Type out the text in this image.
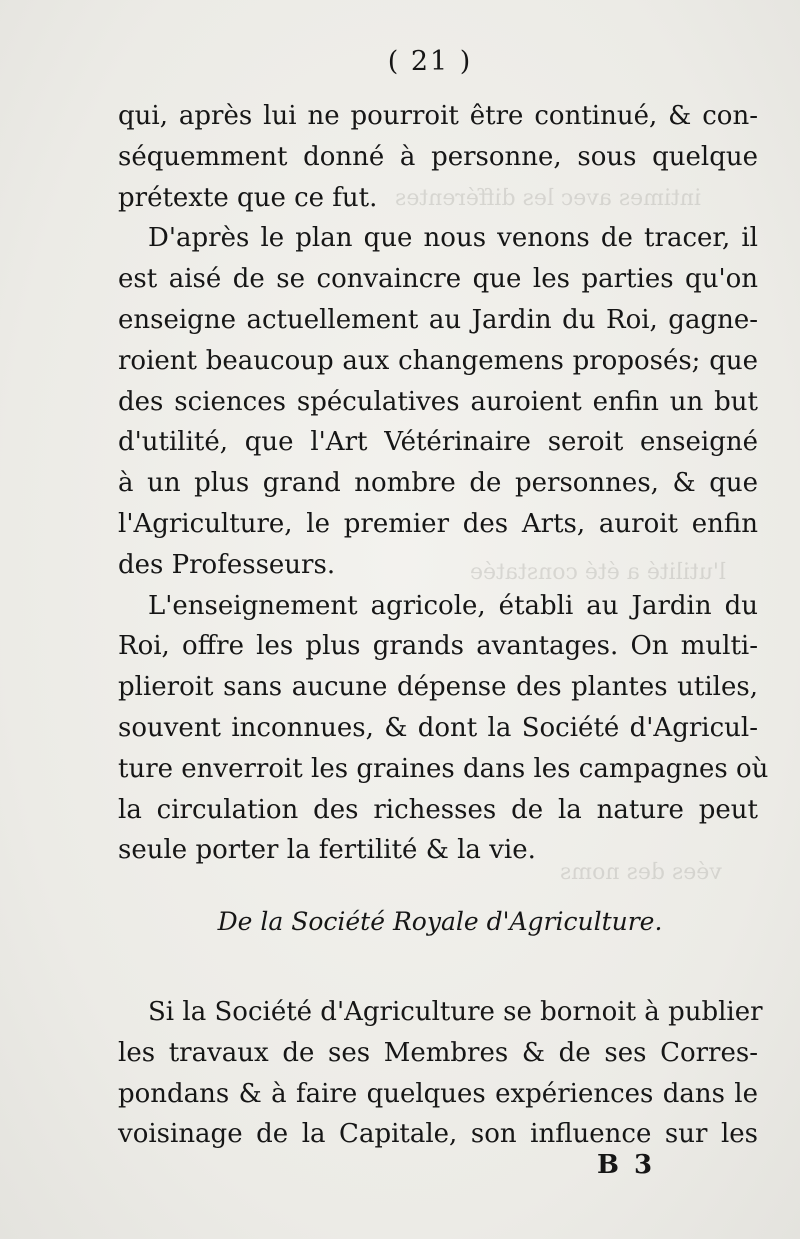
intimes avec les différentes
l'utilité a été constatée
vées des noms
( 21 )
qui, après lui ne pourroit être continué, & con-
séquemment donné à personne, sous quelque
prétexte que ce fut.
D'après le plan que nous venons de tracer, il
est aisé de se convaincre que les parties qu'on
enseigne actuellement au Jardin du Roi, gagne-
roient beaucoup aux changemens proposés; que
des sciences spéculatives auroient enfin un but
d'utilité, que l'Art Vétérinaire seroit enseigné
à un plus grand nombre de personnes, & que
l'Agriculture, le premier des Arts, auroit enfin
des Professeurs.
L'enseignement agricole, établi au Jardin du
Roi, offre les plus grands avantages. On multi-
plieroit sans aucune dépense des plantes utiles,
souvent inconnues, & dont la Société d'Agricul-
ture enverroit les graines dans les campagnes où
la circulation des richesses de la nature peut
seule porter la fertilité & la vie.
De la Société Royale d'Agriculture.
Si la Société d'Agriculture se bornoit à publier
les travaux de ses Membres & de ses Corres-
pondans & à faire quelques expériences dans le
voisinage de la Capitale, son influence sur les
B 3
